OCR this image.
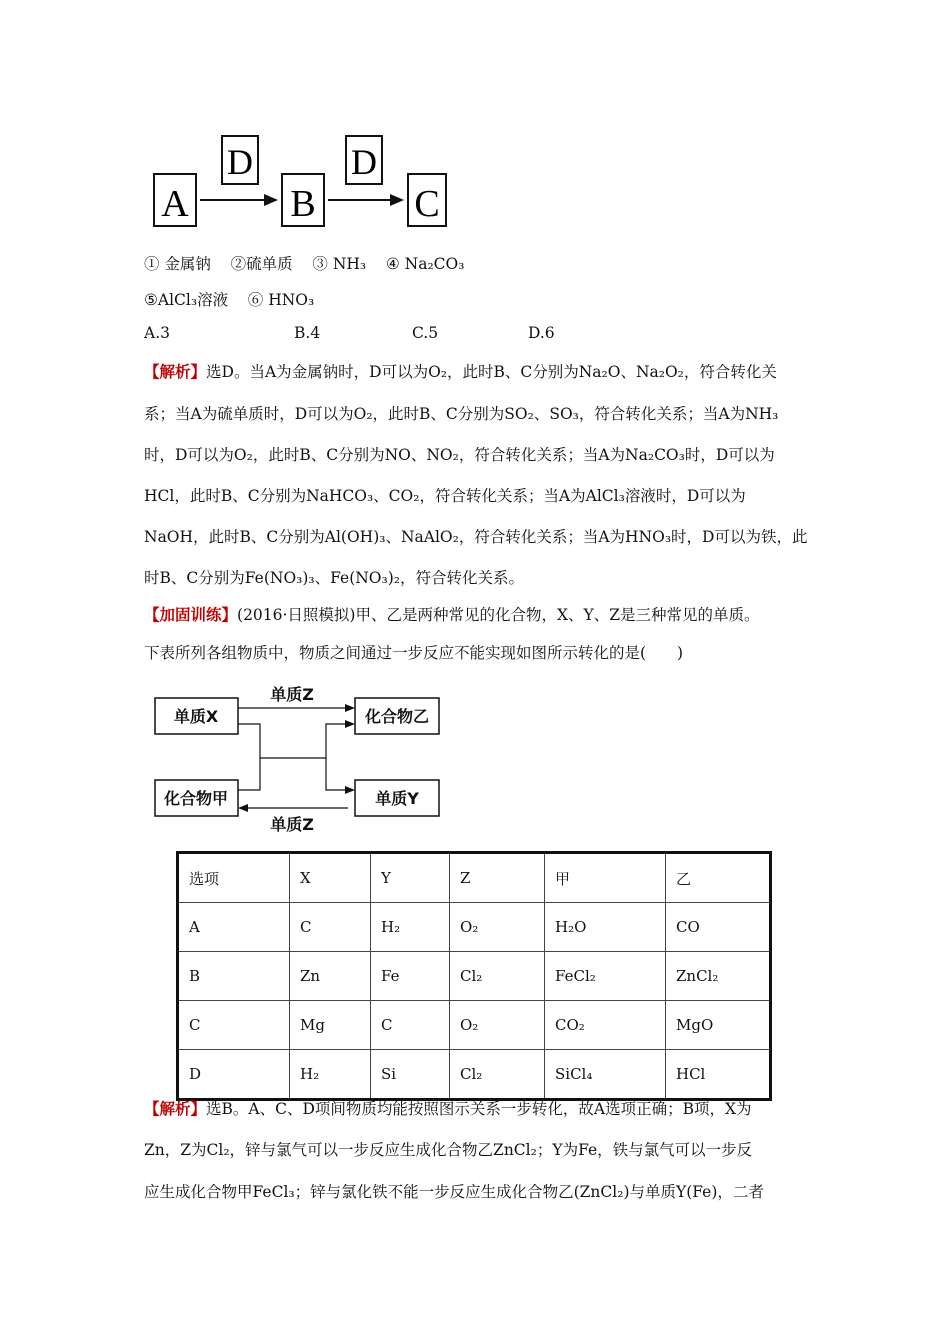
A
D
B
D
C
① 金属钠 ②硫单质 ③ NH₃ ④ Na₂CO₃
⑤AlCl₃溶液 ⑥ HNO₃
A.3	B.4	C.5	D.6
【解析】选D。当A为金属钠时，D可以为O₂，此时B、C分别为Na₂O、Na₂O₂，符合转化关
系；当A为硫单质时，D可以为O₂，此时B、C分别为SO₂、SO₃，符合转化关系；当A为NH₃
时，D可以为O₂，此时B、C分别为NO、NO₂，符合转化关系；当A为Na₂CO₃时，D可以为
HCl，此时B、C分别为NaHCO₃、CO₂，符合转化关系；当A为AlCl₃溶液时，D可以为
NaOH，此时B、C分别为Al(OH)₃、NaAlO₂，符合转化关系；当A为HNO₃时，D可以为铁，此
时B、C分别为Fe(NO₃)₃、Fe(NO₃)₂，符合转化关系。
【加固训练】(2016·日照模拟)甲、乙是两种常见的化合物，X、Y、Z是三种常见的单质。
下表所列各组物质中，物质之间通过一步反应不能实现如图所示转化的是(　　)
单质X	化合物乙
化合物甲	单质Y
单质Z
单质Z
选项	X	Y	Z	甲	乙
A	C	H₂	O₂	H₂O	CO
B	Zn	Fe	Cl₂	FeCl₂	ZnCl₂
C	Mg	C	O₂	CO₂	MgO
D	H₂	Si	Cl₂	SiCl₄	HCl
【解析】选B。A、C、D项间物质均能按照图示关系一步转化，故A选项正确；B项，X为
Zn，Z为Cl₂，锌与氯气可以一步反应生成化合物乙ZnCl₂；Y为Fe，铁与氯气可以一步反
应生成化合物甲FeCl₃；锌与氯化铁不能一步反应生成化合物乙(ZnCl₂)与单质Y(Fe)，二者
